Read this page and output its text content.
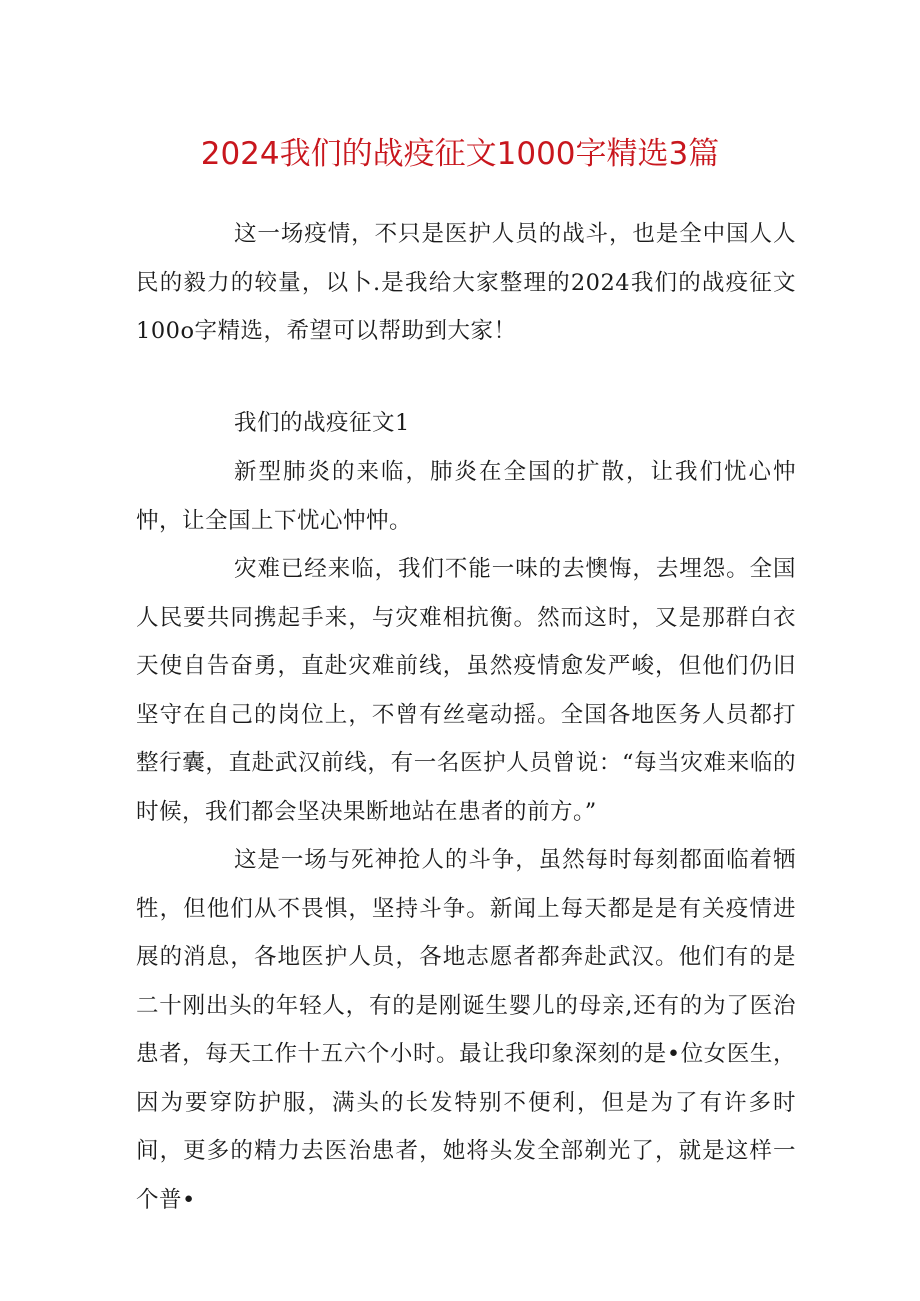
2024我们的战疫征文1000字精选3篇

这一场疫情，不只是医护人员的战斗，也是全中国人人民的毅力的较量，以卜.是我给大家整理的2024我们的战疫征文100o字精选，希望可以帮助到大家！

我们的战疫征文1

新型肺炎的来临，肺炎在全国的扩散，让我们忧心忡忡，让全国上下忧心忡忡。

灾难已经来临，我们不能一味的去懊悔，去埋怨。全国人民要共同携起手来，与灾难相抗衡。然而这时，又是那群白衣天使自告奋勇，直赴灾难前线，虽然疫情愈发严峻，但他们仍旧坚守在自己的岗位上，不曾有丝毫动摇。全国各地医务人员都打整行囊，直赴武汉前线，有一名医护人员曾说：“每当灾难来临的时候，我们都会坚决果断地站在患者的前方。”

这是一场与死神抢人的斗争，虽然每时每刻都面临着牺牲，但他们从不畏惧，坚持斗争。新闻上每天都是是有关疫情进展的消息，各地医护人员，各地志愿者都奔赴武汉。他们有的是二十刚出头的年轻人，有的是刚诞生婴儿的母亲,还有的为了医治患者，每天工作十五六个小时。最让我印象深刻的是•位女医生，因为要穿防护服，满头的长发特别不便利，但是为了有许多时间，更多的精力去医治患者，她将头发全部剃光了，就是这样一个普•
